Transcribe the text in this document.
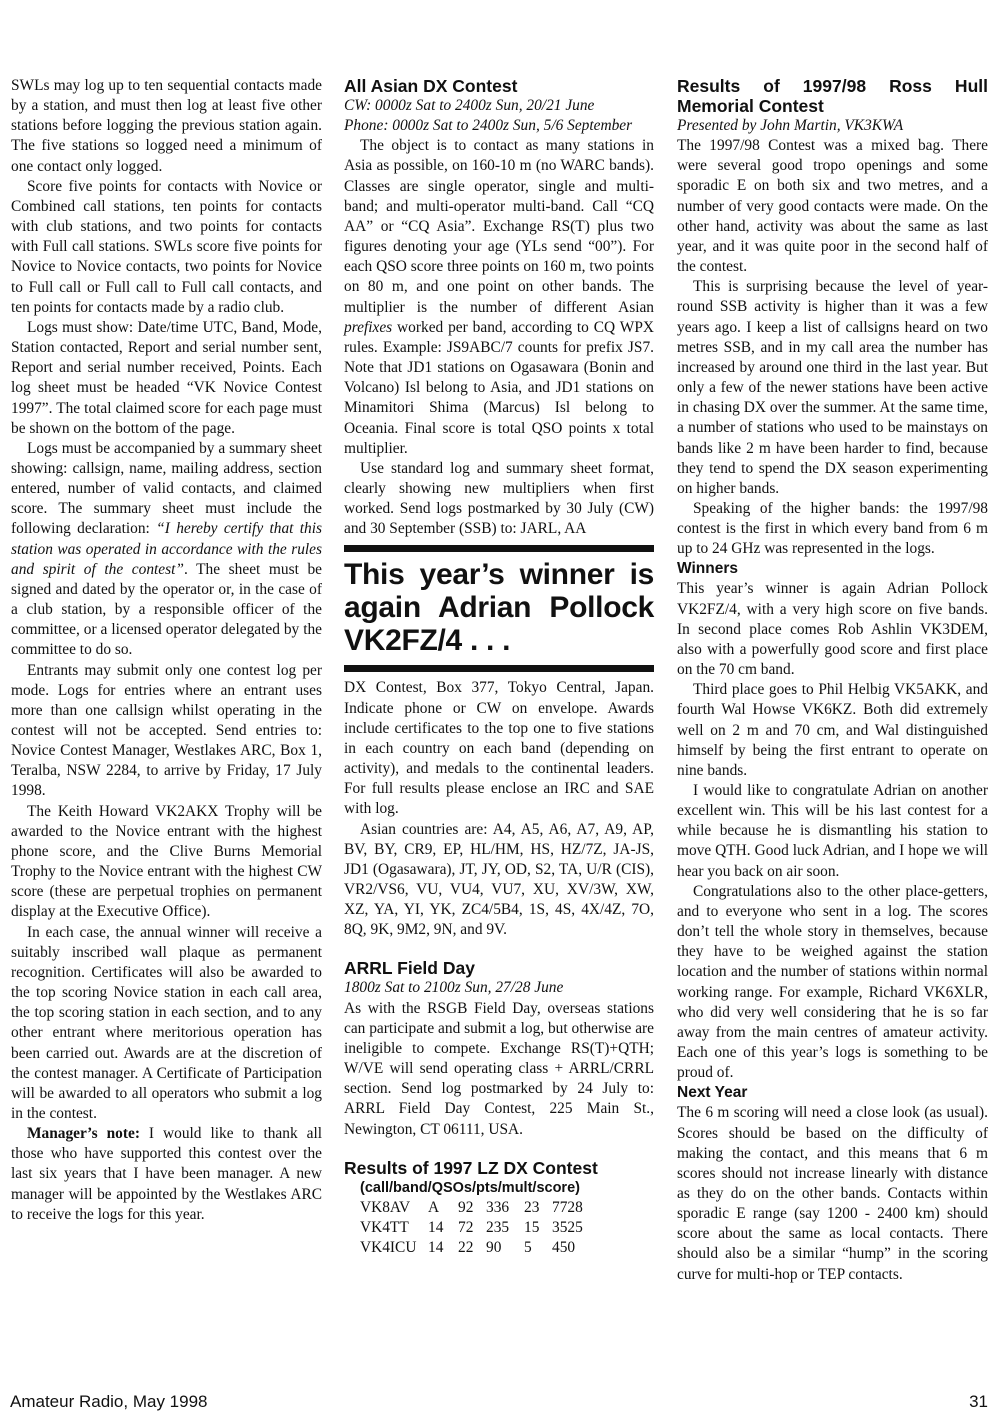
SWLs may log up to ten sequential contacts made by a station, and must then log at least five other stations before logging the previous station again. The five stations so logged need a minimum of one contact only logged.

Score five points for contacts with Novice or Combined call stations, ten points for contacts with club stations, and two points for contacts with Full call stations. SWLs score five points for Novice to Novice contacts, two points for Novice to Full call or Full call to Full call contacts, and ten points for contacts made by a radio club.

Logs must show: Date/time UTC, Band, Mode, Station contacted, Report and serial number sent, Report and serial number received, Points. Each log sheet must be headed “VK Novice Contest 1997”. The total claimed score for each page must be shown on the bottom of the page.

Logs must be accompanied by a summary sheet showing: callsign, name, mailing address, section entered, number of valid contacts, and claimed score. The summary sheet must include the following declaration: “I hereby certify that this station was operated in accordance with the rules and spirit of the contest”. The sheet must be signed and dated by the operator or, in the case of a club station, by a responsible officer of the committee, or a licensed operator delegated by the committee to do so.

Entrants may submit only one contest log per mode. Logs for entries where an entrant uses more than one callsign whilst operating in the contest will not be accepted. Send entries to: Novice Contest Manager, Westlakes ARC, Box 1, Teralba, NSW 2284, to arrive by Friday, 17 July 1998.

The Keith Howard VK2AKX Trophy will be awarded to the Novice entrant with the highest phone score, and the Clive Burns Memorial Trophy to the Novice entrant with the highest CW score (these are perpetual trophies on permanent display at the Executive Office).

In each case, the annual winner will receive a suitably inscribed wall plaque as permanent recognition. Certificates will also be awarded to the top scoring Novice station in each call area, the top scoring station in each section, and to any other entrant where meritorious operation has been carried out. Awards are at the discretion of the contest manager. A Certificate of Participation will be awarded to all operators who submit a log in the contest.

Manager’s note: I would like to thank all those who have supported this contest over the last six years that I have been manager. A new manager will be appointed by the Westlakes ARC to receive the logs for this year.

All Asian DX Contest

CW: 0000z Sat to 2400z Sun, 20/21 June

Phone: 0000z Sat to 2400z Sun, 5/6 September

The object is to contact as many stations in Asia as possible, on 160-10 m (no WARC bands). Classes are single operator, single and multi-band; and multi-operator multi-band. Call “CQ AA” or “CQ Asia”. Exchange RS(T) plus two figures denoting your age (YLs send “00”). For each QSO score three points on 160 m, two points on 80 m, and one point on other bands. The multiplier is the number of different Asian prefixes worked per band, according to CQ WPX rules. Example: JS9ABC/7 counts for prefix JS7. Note that JD1 stations on Ogasawara (Bonin and Volcano) Isl belong to Asia, and JD1 stations on Minamitori Shima (Marcus) Isl belong to Oceania. Final score is total QSO points x total multiplier.

Use standard log and summary sheet format, clearly showing new multipliers when first worked. Send logs postmarked by 30 July (CW) and 30 September (SSB) to: JARL, AA

This year’s winner is again Adrian Pollock VK2FZ/4 . . .

DX Contest, Box 377, Tokyo Central, Japan. Indicate phone or CW on envelope. Awards include certificates to the top one to five stations in each country on each band (depending on activity), and medals to the continental leaders. For full results please enclose an IRC and SAE with log.

Asian countries are: A4, A5, A6, A7, A9, AP, BV, BY, CR9, EP, HL/HM, HS, HZ/7Z, JA-JS, JD1 (Ogasawara), JT, JY, OD, S2, TA, U/R (CIS), VR2/VS6, VU, VU4, VU7, XU, XV/3W, XW, XZ, YA, YI, YK, ZC4/5B4, 1S, 4S, 4X/4Z, 7O, 8Q, 9K, 9M2, 9N, and 9V.

ARRL Field Day

1800z Sat to 2100z Sun, 27/28 June

As with the RSGB Field Day, overseas stations can participate and submit a log, but otherwise are ineligible to compete. Exchange RS(T)+QTH; W/VE will send operating class + ARRL/CRRL section. Send log postmarked by 24 July to: ARRL Field Day Contest, 225 Main St., Newington, CT 06111, USA.

Results of 1997 LZ DX Contest
(call/band/QSOs/pts/mult/score)
VK8AV	A	92	336	23	7728
VK4TT	14	72	235	15	3525
VK4ICU	14	22	90	5	450
Results of 1997/98 Ross Hull Memorial Contest

Presented by John Martin, VK3KWA

The 1997/98 Contest was a mixed bag. There were several good tropo openings and some sporadic E on both six and two metres, and a number of very good contacts were made. On the other hand, activity was about the same as last year, and it was quite poor in the second half of the contest.

This is surprising because the level of year-round SSB activity is higher than it was a few years ago. I keep a list of callsigns heard on two metres SSB, and in my call area the number has increased by around one third in the last year. But only a few of the newer stations have been active in chasing DX over the summer. At the same time, a number of stations who used to be mainstays on bands like 2 m have been harder to find, because they tend to spend the DX season experimenting on higher bands.

Speaking of the higher bands: the 1997/98 contest is the first in which every band from 6 m up to 24 GHz was represented in the logs.

Winners

This year’s winner is again Adrian Pollock VK2FZ/4, with a very high score on five bands. In second place comes Rob Ashlin VK3DEM, also with a powerfully good score and first place on the 70 cm band.

Third place goes to Phil Helbig VK5AKK, and fourth Wal Howse VK6KZ. Both did extremely well on 2 m and 70 cm, and Wal distinguished himself by being the first entrant to operate on nine bands.

I would like to congratulate Adrian on another excellent win. This will be his last contest for a while because he is dismantling his station to move QTH. Good luck Adrian, and I hope we will hear you back on air soon.

Congratulations also to the other place-getters, and to everyone who sent in a log. The scores don’t tell the whole story in themselves, because they have to be weighed against the station location and the number of stations within normal working range. For example, Richard VK6XLR, who did very well considering that he is so far away from the main centres of amateur activity. Each one of this year’s logs is something to be proud of.

Next Year

The 6 m scoring will need a close look (as usual). Scores should be based on the difficulty of making the contact, and this means that 6 m scores should not increase linearly with distance as they do on the other bands. Contacts within sporadic E range (say 1200 - 2400 km) should score about the same as local contacts. There should also be a similar “hump” in the scoring curve for multi-hop or TEP contacts.

Amateur Radio, May 1998	31
